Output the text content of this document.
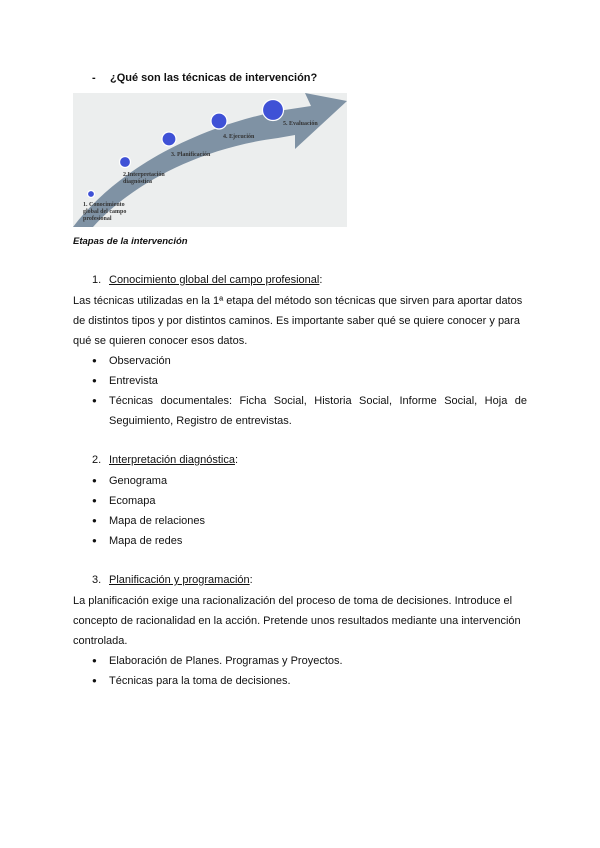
- ¿Qué son las técnicas de intervención?
1. Conocimiento global del campo profesional
2.Interpretación diagnóstica
3. Planificación
4. Ejecución
5. Evaluación
Etapas de la intervención
1. Conocimiento global del campo profesional:
Las técnicas utilizadas en la 1ª etapa del método son técnicas que sirven para aportar datos
de distintos tipos y por distintos caminos. Es importante saber qué se quiere conocer y para
qué se quieren conocer esos datos.
● Observación
● Entrevista
● Técnicas documentales: Ficha Social, Historia Social, Informe Social, Hoja de Seguimiento, Registro de entrevistas.
2. Interpretación diagnóstica:
● Genograma
● Ecomapa
● Mapa de relaciones
● Mapa de redes
3. Planificación y programación:
La planificación exige una racionalización del proceso de toma de decisiones. Introduce el
concepto de racionalidad en la acción. Pretende unos resultados mediante una intervención
controlada.
● Elaboración de Planes. Programas y Proyectos.
● Técnicas para la toma de decisiones.
